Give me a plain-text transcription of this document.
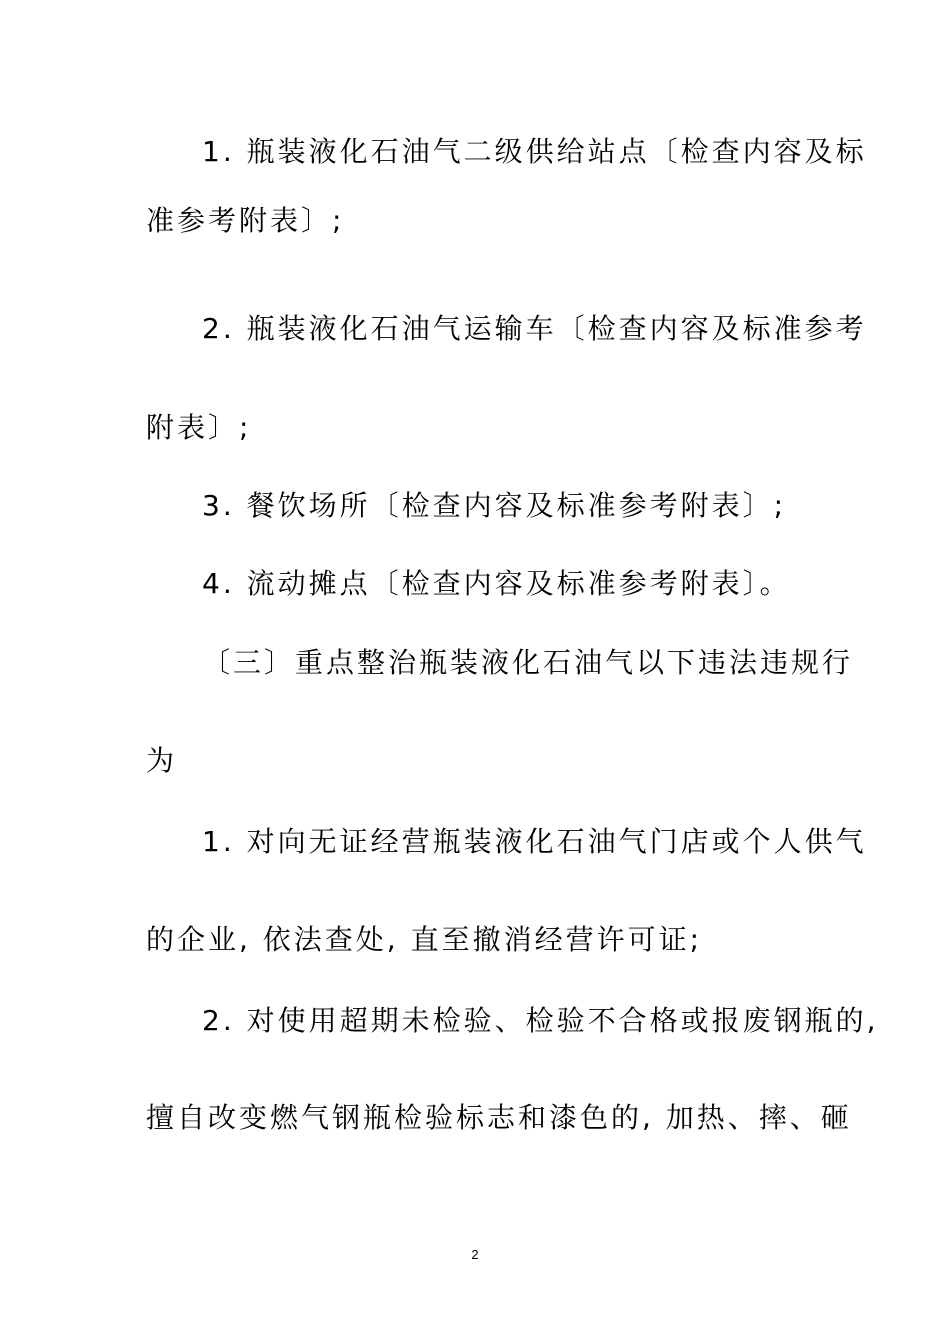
1. 瓶装液化石油气二级供给站点〔检查内容及标
准参考附表〕;
2. 瓶装液化石油气运输车〔检查内容及标准参考
附表〕;
3. 餐饮场所〔检查内容及标准参考附表〕;
4. 流动摊点〔检查内容及标准参考附表〕。
〔三〕重点整治瓶装液化石油气以下违法违规行
为
1. 对向无证经营瓶装液化石油气门店或个人供气
的企业, 依法查处, 直至撤消经营许可证;
2. 对使用超期未检验、检验不合格或报废钢瓶的,
擅自改变燃气钢瓶检验标志和漆色的, 加热、摔、砸
2
